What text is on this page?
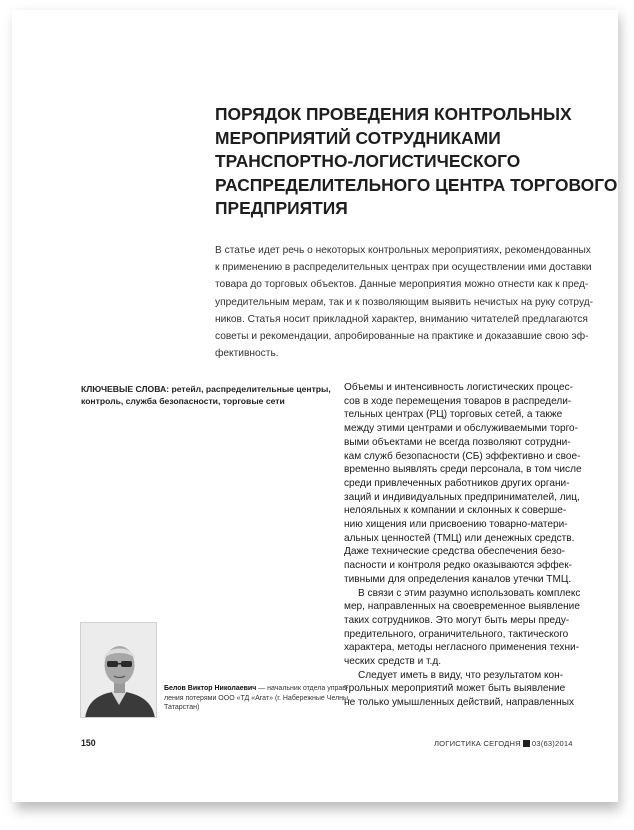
ПОРЯДОК ПРОВЕДЕНИЯ КОНТРОЛЬНЫХ
МЕРОПРИЯТИЙ СОТРУДНИКАМИ
ТРАНСПОРТНО-ЛОГИСТИЧЕСКОГО
РАСПРЕДЕЛИТЕЛЬНОГО ЦЕНТРА ТОРГОВОГО
ПРЕДПРИЯТИЯ
В статье идет речь о некоторых контрольных мероприятиях, рекомендованных
к применению в распределительных центрах при осуществлении ими доставки
товара до торговых объектов. Данные мероприятия можно отнести как к пред-
упредительным мерам, так и к позволяющим выявить нечистых на руку сотруд-
ников. Статья носит прикладной характер, вниманию читателей предлагаются
советы и рекомендации, апробированные на практике и доказавшие свою эф-
фективность.
КЛЮЧЕВЫЕ СЛОВА: ретейл, распределительные центры,
контроль, служба безопасности, торговые сети
Объемы и интенсивность логистических процес-
сов в ходе перемещения товаров в распредели-
тельных центрах (РЦ) торговых сетей, а также
между этими центрами и обслуживаемыми торго-
выми объектами не всегда позволяют сотрудни-
кам служб безопасности (СБ) эффективно и свое-
временно выявлять среди персонала, в том числе
среди привлеченных работников других органи-
заций и индивидуальных предпринимателей, лиц,
нелояльных к компании и склонных к соверше-
нию хищения или присвоению товарно-матери-
альных ценностей (ТМЦ) или денежных средств.
Даже технические средства обеспечения безо-
пасности и контроля редко оказываются эффек-
тивными для определения каналов утечки ТМЦ.
В связи с этим разумно использовать комплекс
мер, направленных на своевременное выявление
таких сотрудников. Это могут быть меры преду-
предительного, ограничительного, тактического
характера, методы негласного применения техни-
ческих средств и т.д.
Следует иметь в виду, что результатом кон-
трольных мероприятий может быть выявление
не только умышленных действий, направленных
Белов Виктор Николаевич — начальник отдела управ-
ления потерями ООО «ТД «Агат» (г. Набережные Челны,
Татарстан)
150	ЛОГИСТИКА СЕГОДНЯ 03(63)2014
